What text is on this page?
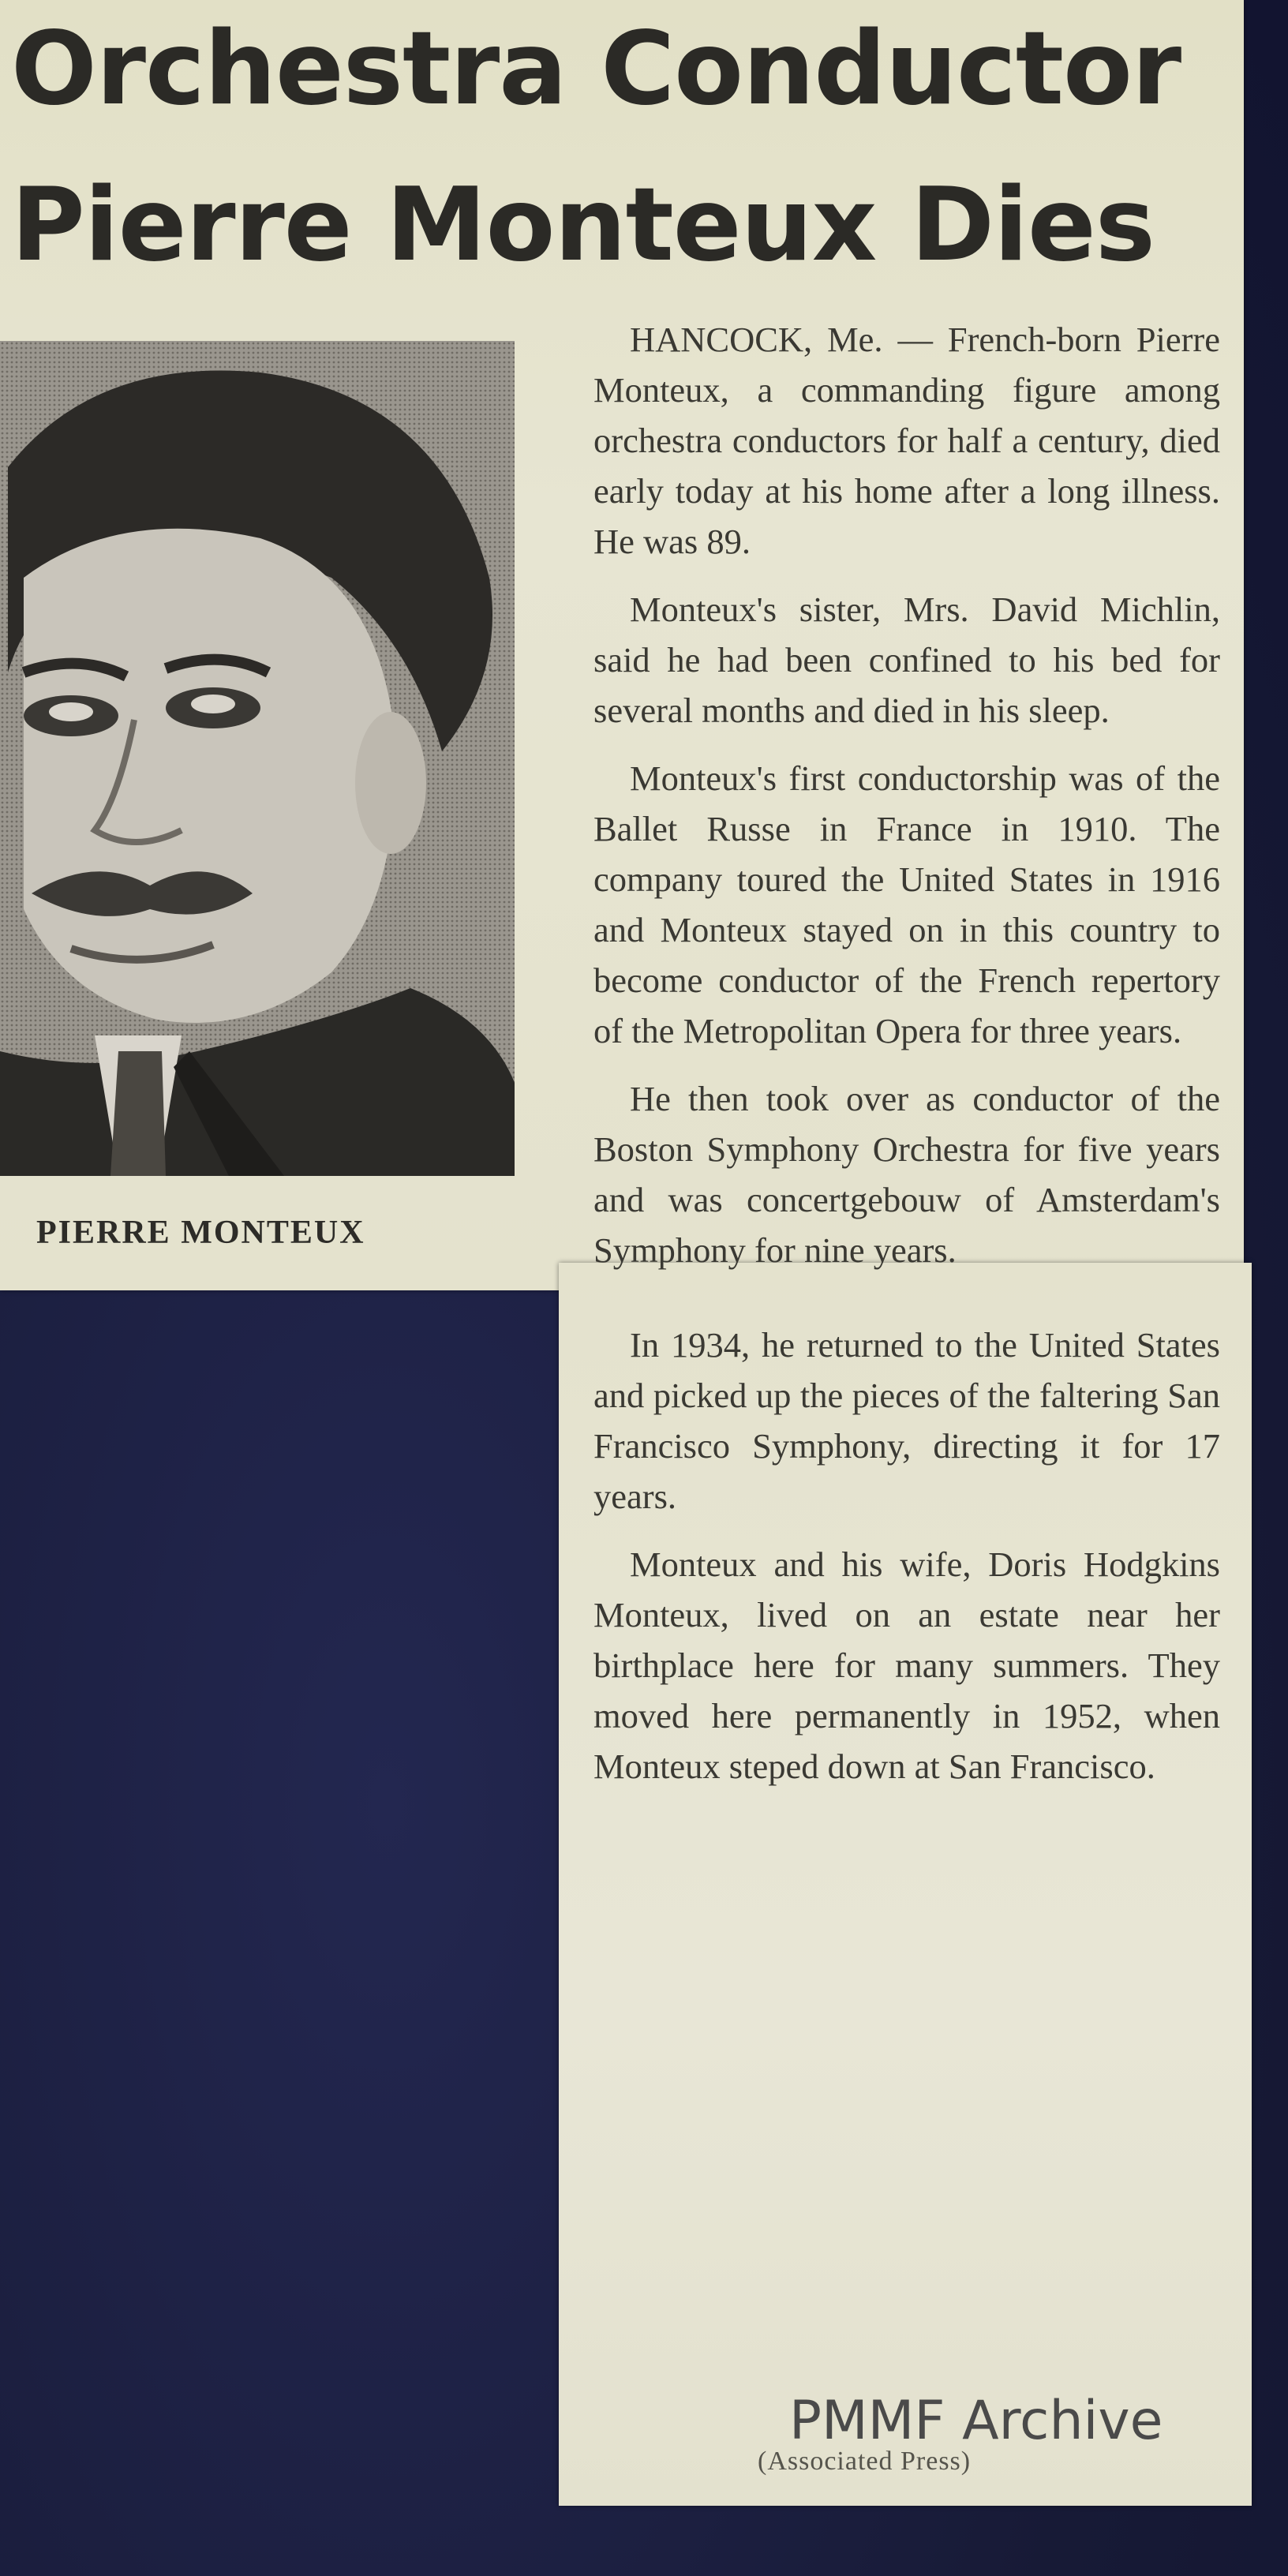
Orchestra Conductor
Pierre Monteux Dies

PIERRE MONTEUX

HANCOCK, Me. — French-born Pierre Monteux, a commanding figure among orchestra conductors for half a century, died early today at his home after a long illness. He was 89.

Monteux's sister, Mrs. David Michlin, said he had been confined to his bed for several months and died in his sleep.

Monteux's first conductorship was of the Ballet Russe in France in 1910. The company toured the United States in 1916 and Monteux stayed on in this country to become conductor of the French repertory of the Metropolitan Opera for three years.

He then took over as conductor of the Boston Symphony Orchestra for five years and was concertgebouw of Amsterdam's Symphony for nine years.

In 1934, he returned to the United States and picked up the pieces of the faltering San Francisco Symphony, directing it for 17 years.

Monteux and his wife, Doris Hodgkins Monteux, lived on an estate near her birthplace here for many summers. They moved here permanently in 1952, when Monteux steped down at San Francisco.

PMMF Archive

(Associated Press)
